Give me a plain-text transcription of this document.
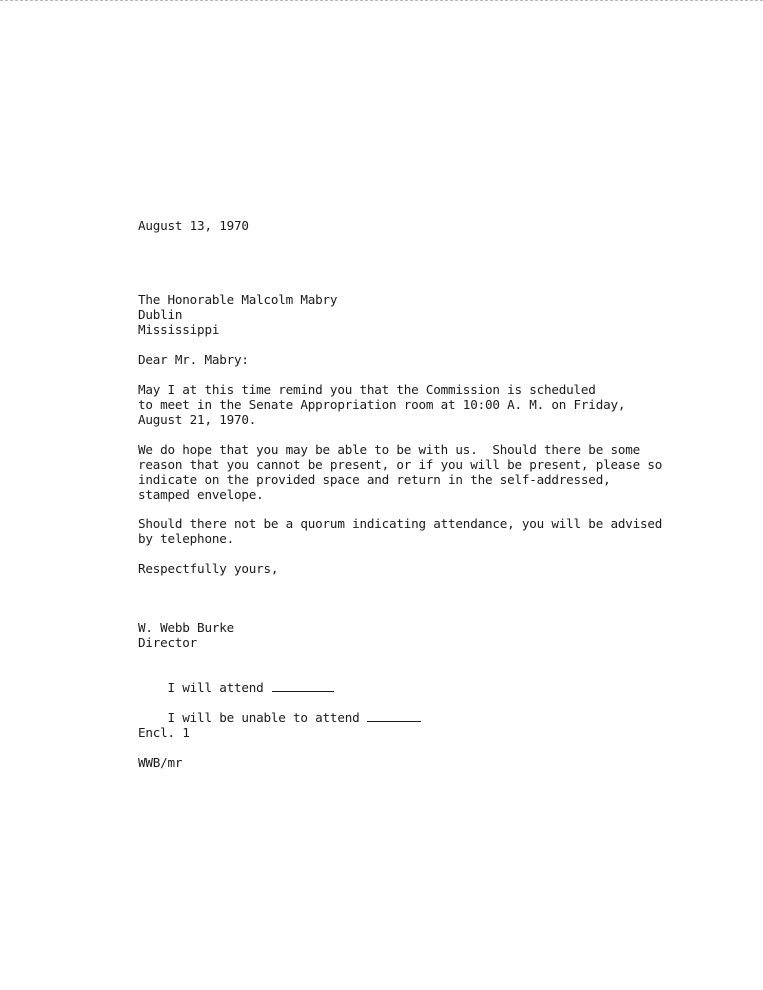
August 13, 1970
The Honorable Malcolm Mabry
Dublin
Mississippi
Dear Mr. Mabry:
May I at this time remind you that the Commission is scheduled
to meet in the Senate Appropriation room at 10:00 A. M. on Friday,
August 21, 1970.
We do hope that you may be able to be with us.  Should there be some
reason that you cannot be present, or if you will be present, please so
indicate on the provided space and return in the self-addressed,
stamped envelope.
Should there not be a quorum indicating attendance, you will be advised
by telephone.
Respectfully yours,
W. Webb Burke
Director

I will attend

I will be unable to attend

Encl. 1
WWB/mr
